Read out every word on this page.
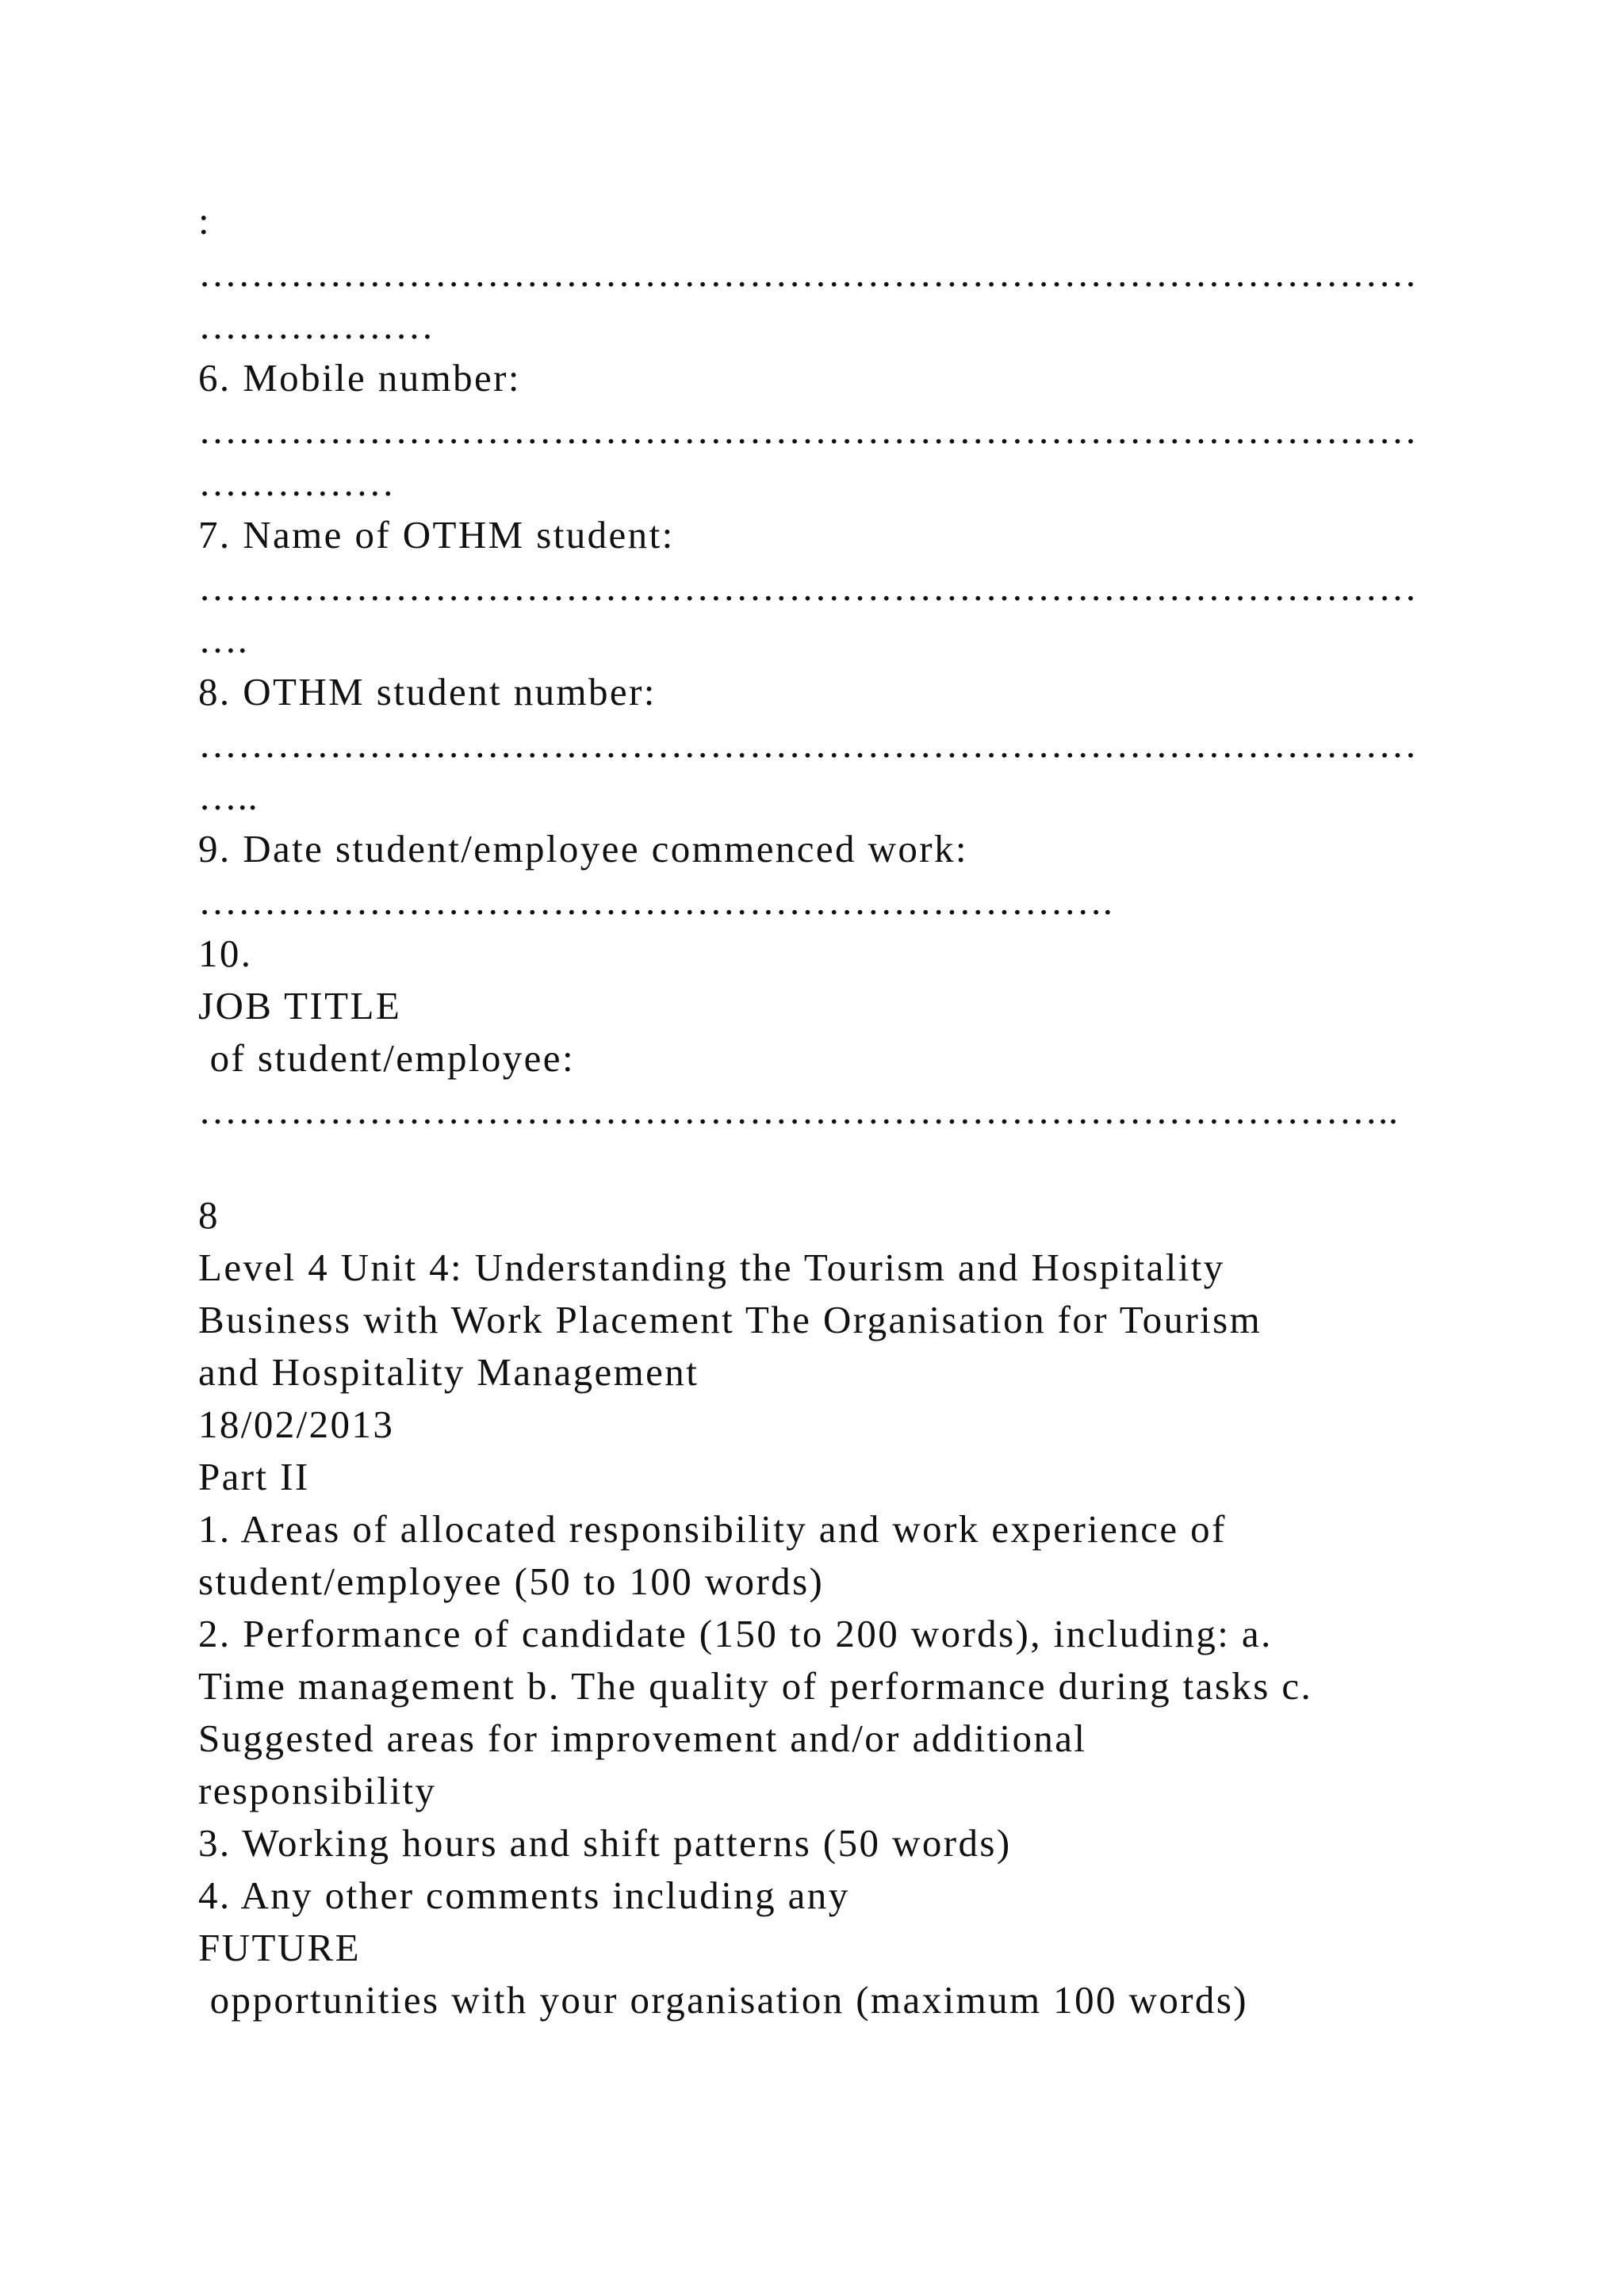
:
…………………………………………………………………………………
………………
6. Mobile number:
…………………………………………………………………………………
……………
7. Name of OTHM student:
…………………………………………………………………………………
….
8. OTHM student number:
…………………………………………………………………………………
…..
9. Date student/employee commenced work:
…………………………………………………………….
10.
JOB TITLE
of student/employee:
………………………………………………………………………………..
8
Level 4 Unit 4: Understanding the Tourism and Hospitality
Business with Work Placement The Organisation for Tourism
and Hospitality Management
18/02/2013
Part II
1. Areas of allocated responsibility and work experience of
student/employee (50 to 100 words)
2. Performance of candidate (150 to 200 words), including: a.
Time management b. The quality of performance during tasks c.
Suggested areas for improvement and/or additional
responsibility
3. Working hours and shift patterns (50 words)
4. Any other comments including any
FUTURE
opportunities with your organisation (maximum 100 words)
